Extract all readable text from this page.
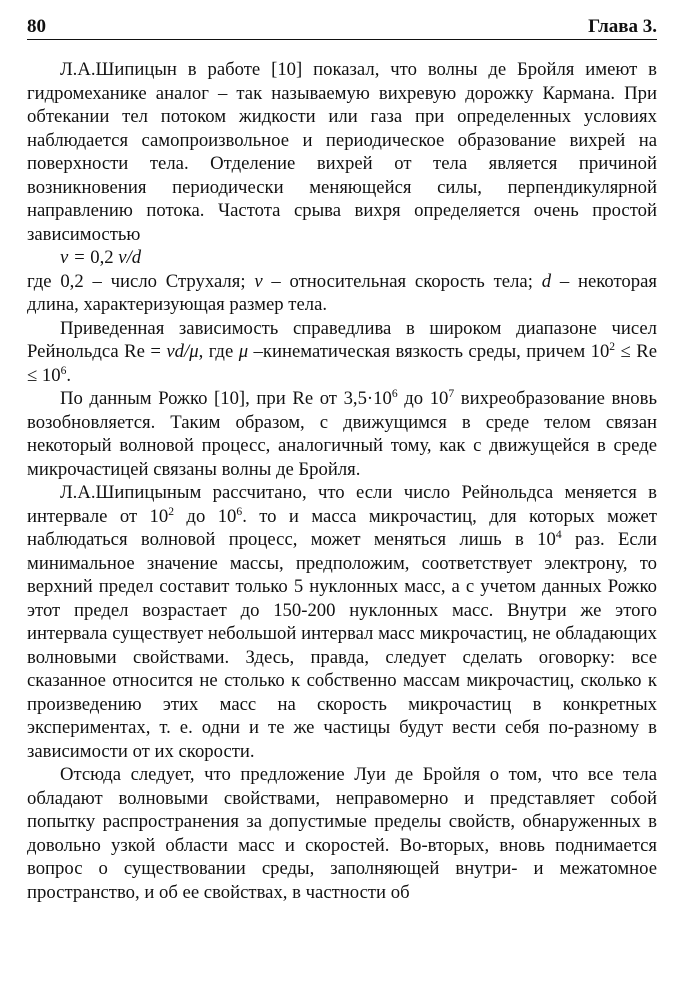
80	Глава 3.

Л.А.Шипицын в работе [10] показал, что волны де Бройля имеют в гидромеханике аналог – так называемую вихревую дорожку Кармана. При обтекании тел потоком жидкости или газа при определенных условиях наблюдается самопроизвольное и периодическое образование вихрей на поверхности тела. Отделение вихрей от тела является причиной возникновения периодически меняющейся силы, перпендикулярной направлению потока. Частота срыва вихря определяется очень простой зависимостью

ν = 0,2 v/d

где 0,2 – число Струхаля; ν – относительная скорость тела; d – некоторая длина, характеризующая размер тела.

Приведенная зависимость справедлива в широком диапазоне чисел Рейнольдса Re = vd/μ, где μ –кинематическая вязкость среды, причем $10^2 \le Re \le 10^6$.

По данным Рожко [10], при Re от $3,5\cdot 10^6$ до $10^7$ вихреобразование вновь возобновляется. Таким образом, с движущимся в среде телом связан некоторый волновой процесс, аналогичный тому, как с движущейся в среде микрочастицей связаны волны де Бройля.

Л.А.Шипицыным рассчитано, что если число Рейнольдса меняется в интервале от $10^2$ до $10^6$. то и масса микрочастиц, для которых может наблюдаться волновой процесс, может меняться лишь в $10^4$ раз. Если минимальное значение массы, предположим, соответствует электрону, то верхний предел составит только 5 нуклонных масс, а с учетом данных Рожко этот предел возрастает до 150-200 нуклонных масс. Внутри же этого интервала существует небольшой интервал масс микрочастиц, не обладающих волновыми свойствами. Здесь, правда, следует сделать оговорку: все сказанное относится не столько к собственно массам микрочастиц, сколько к произведению этих масс на скорость микрочастиц в конкретных экспериментах, т. е. одни и те же частицы будут вести себя по-разному в зависимости от их скорости.

Отсюда следует, что предложение Луи де Бройля о том, что все тела обладают волновыми свойствами, неправомерно и представляет собой попытку распространения за допустимые пределы свойств, обнаруженных в довольно узкой области масс и скоростей. Во-вторых, вновь поднимается вопрос о существовании среды, заполняющей внутри- и межатомное пространство, и об ее свойствах, в частности об
